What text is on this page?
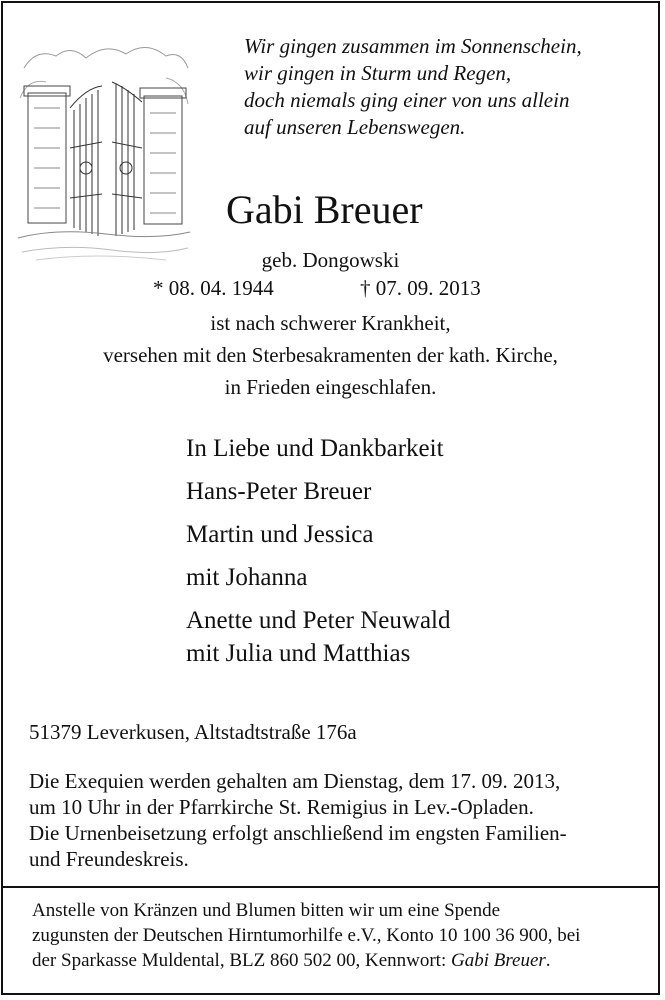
Wir gingen zusammen im Sonnenschein,
wir gingen in Sturm und Regen,
doch niemals ging einer von uns allein
auf unseren Lebenswegen.
Gabi Breuer
geb. Dongowski
* 08. 04. 1944	† 07. 09. 2013
ist nach schwerer Krankheit,
versehen mit den Sterbesakramenten der kath. Kirche,
in Frieden eingeschlafen.
In Liebe und Dankbarkeit
Hans-Peter Breuer
Martin und Jessica
mit Johanna
Anette und Peter Neuwald
mit Julia und Matthias
51379 Leverkusen, Altstadtstraße 176a
Die Exequien werden gehalten am Dienstag, dem 17. 09. 2013,
um 10 Uhr in der Pfarrkirche St. Remigius in Lev.-Opladen.
Die Urnenbeisetzung erfolgt anschließend im engsten Familien-
und Freundeskreis.
Anstelle von Kränzen und Blumen bitten wir um eine Spende
zugunsten der Deutschen Hirntumorhilfe e.V., Konto 10 100 36 900, bei
der Sparkasse Muldental, BLZ 860 502 00, Kennwort: Gabi Breuer.
